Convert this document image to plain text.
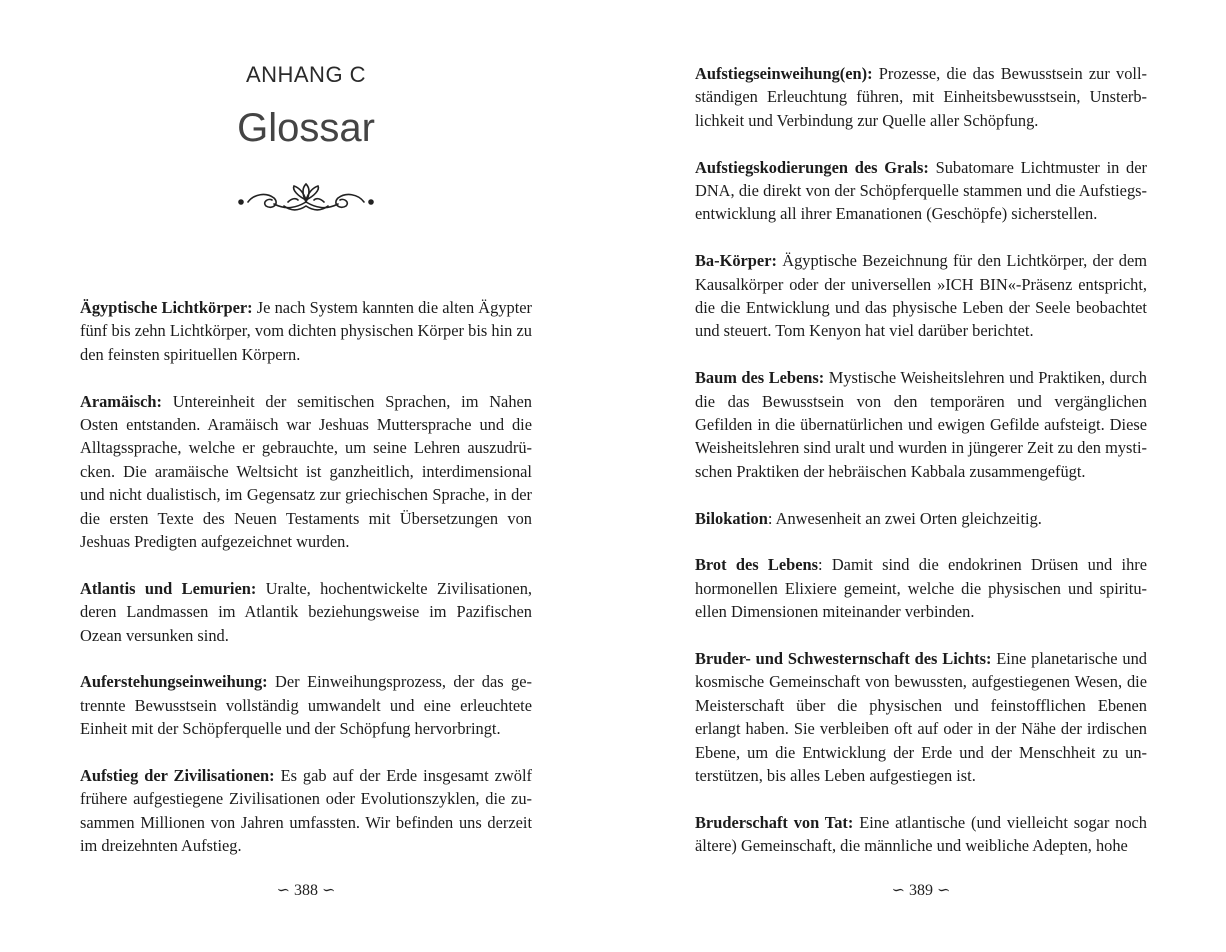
ANHANG C
Glossar

Ägyptische Lichtkörper: Je nach System kannten die alten Ägypter fünf bis zehn Lichtkörper, vom dichten physischen Körper bis hin zu den feinsten spirituellen Körpern.

Aramäisch: Untereinheit der semitischen Sprachen, im Nahen Osten entstanden. Aramäisch war Jeshuas Muttersprache und die Alltagssprache, welche er gebrauchte, um seine Lehren auszudrücken. Die aramäische Weltsicht ist ganzheitlich, interdimensional und nicht dualistisch, im Gegensatz zur griechischen Sprache, in der die ersten Texte des Neuen Testaments mit Übersetzungen von Jeshuas Predigten aufgezeichnet wurden.

Atlantis und Lemurien: Uralte, hochentwickelte Zivilisationen, deren Landmassen im Atlantik beziehungsweise im Pazifischen Ozean versunken sind.

Auferstehungseinweihung: Der Einweihungsprozess, der das getrennte Bewusstsein vollständig umwandelt und eine erleuchtete Einheit mit der Schöpferquelle und der Schöpfung hervorbringt.

Aufstieg der Zivilisationen: Es gab auf der Erde insgesamt zwölf frühere aufgestiegene Zivilisationen oder Evolutionszyklen, die zusammen Millionen von Jahren umfassten. Wir befinden uns derzeit im dreizehnten Aufstieg.

∽ 388 ∽

Aufstiegseinweihung(en): Prozesse, die das Bewusstsein zur vollständigen Erleuchtung führen, mit Einheitsbewusstsein, Unsterblichkeit und Verbindung zur Quelle aller Schöpfung.

Aufstiegskodierungen des Grals: Subatomare Lichtmuster in der DNA, die direkt von der Schöpferquelle stammen und die Aufstiegsentwicklung all ihrer Emanationen (Geschöpfe) sicherstellen.

Ba-Körper: Ägyptische Bezeichnung für den Lichtkörper, der dem Kausalkörper oder der universellen »ICH BIN«-Präsenz entspricht, die die Entwicklung und das physische Leben der Seele beobachtet und steuert. Tom Kenyon hat viel darüber berichtet.

Baum des Lebens: Mystische Weisheitslehren und Praktiken, durch die das Bewusstsein von den temporären und vergänglichen Gefilden in die übernatürlichen und ewigen Gefilde aufsteigt. Diese Weisheitslehren sind uralt und wurden in jüngerer Zeit zu den mystischen Praktiken der hebräischen Kabbala zusammengefügt.

Bilokation: Anwesenheit an zwei Orten gleichzeitig.

Brot des Lebens: Damit sind die endokrinen Drüsen und ihre hormonellen Elixiere gemeint, welche die physischen und spirituellen Dimensionen miteinander verbinden.

Bruder- und Schwesternschaft des Lichts: Eine planetarische und kosmische Gemeinschaft von bewussten, aufgestiegenen Wesen, die Meisterschaft über die physischen und feinstofflichen Ebenen erlangt haben. Sie verbleiben oft auf oder in der Nähe der irdischen Ebene, um die Entwicklung der Erde und der Menschheit zu unterstützen, bis alles Leben aufgestiegen ist.

Bruderschaft von Tat: Eine atlantische (und vielleicht sogar noch ältere) Gemeinschaft, die männliche und weibliche Adepten, hohe

∽ 389 ∽
